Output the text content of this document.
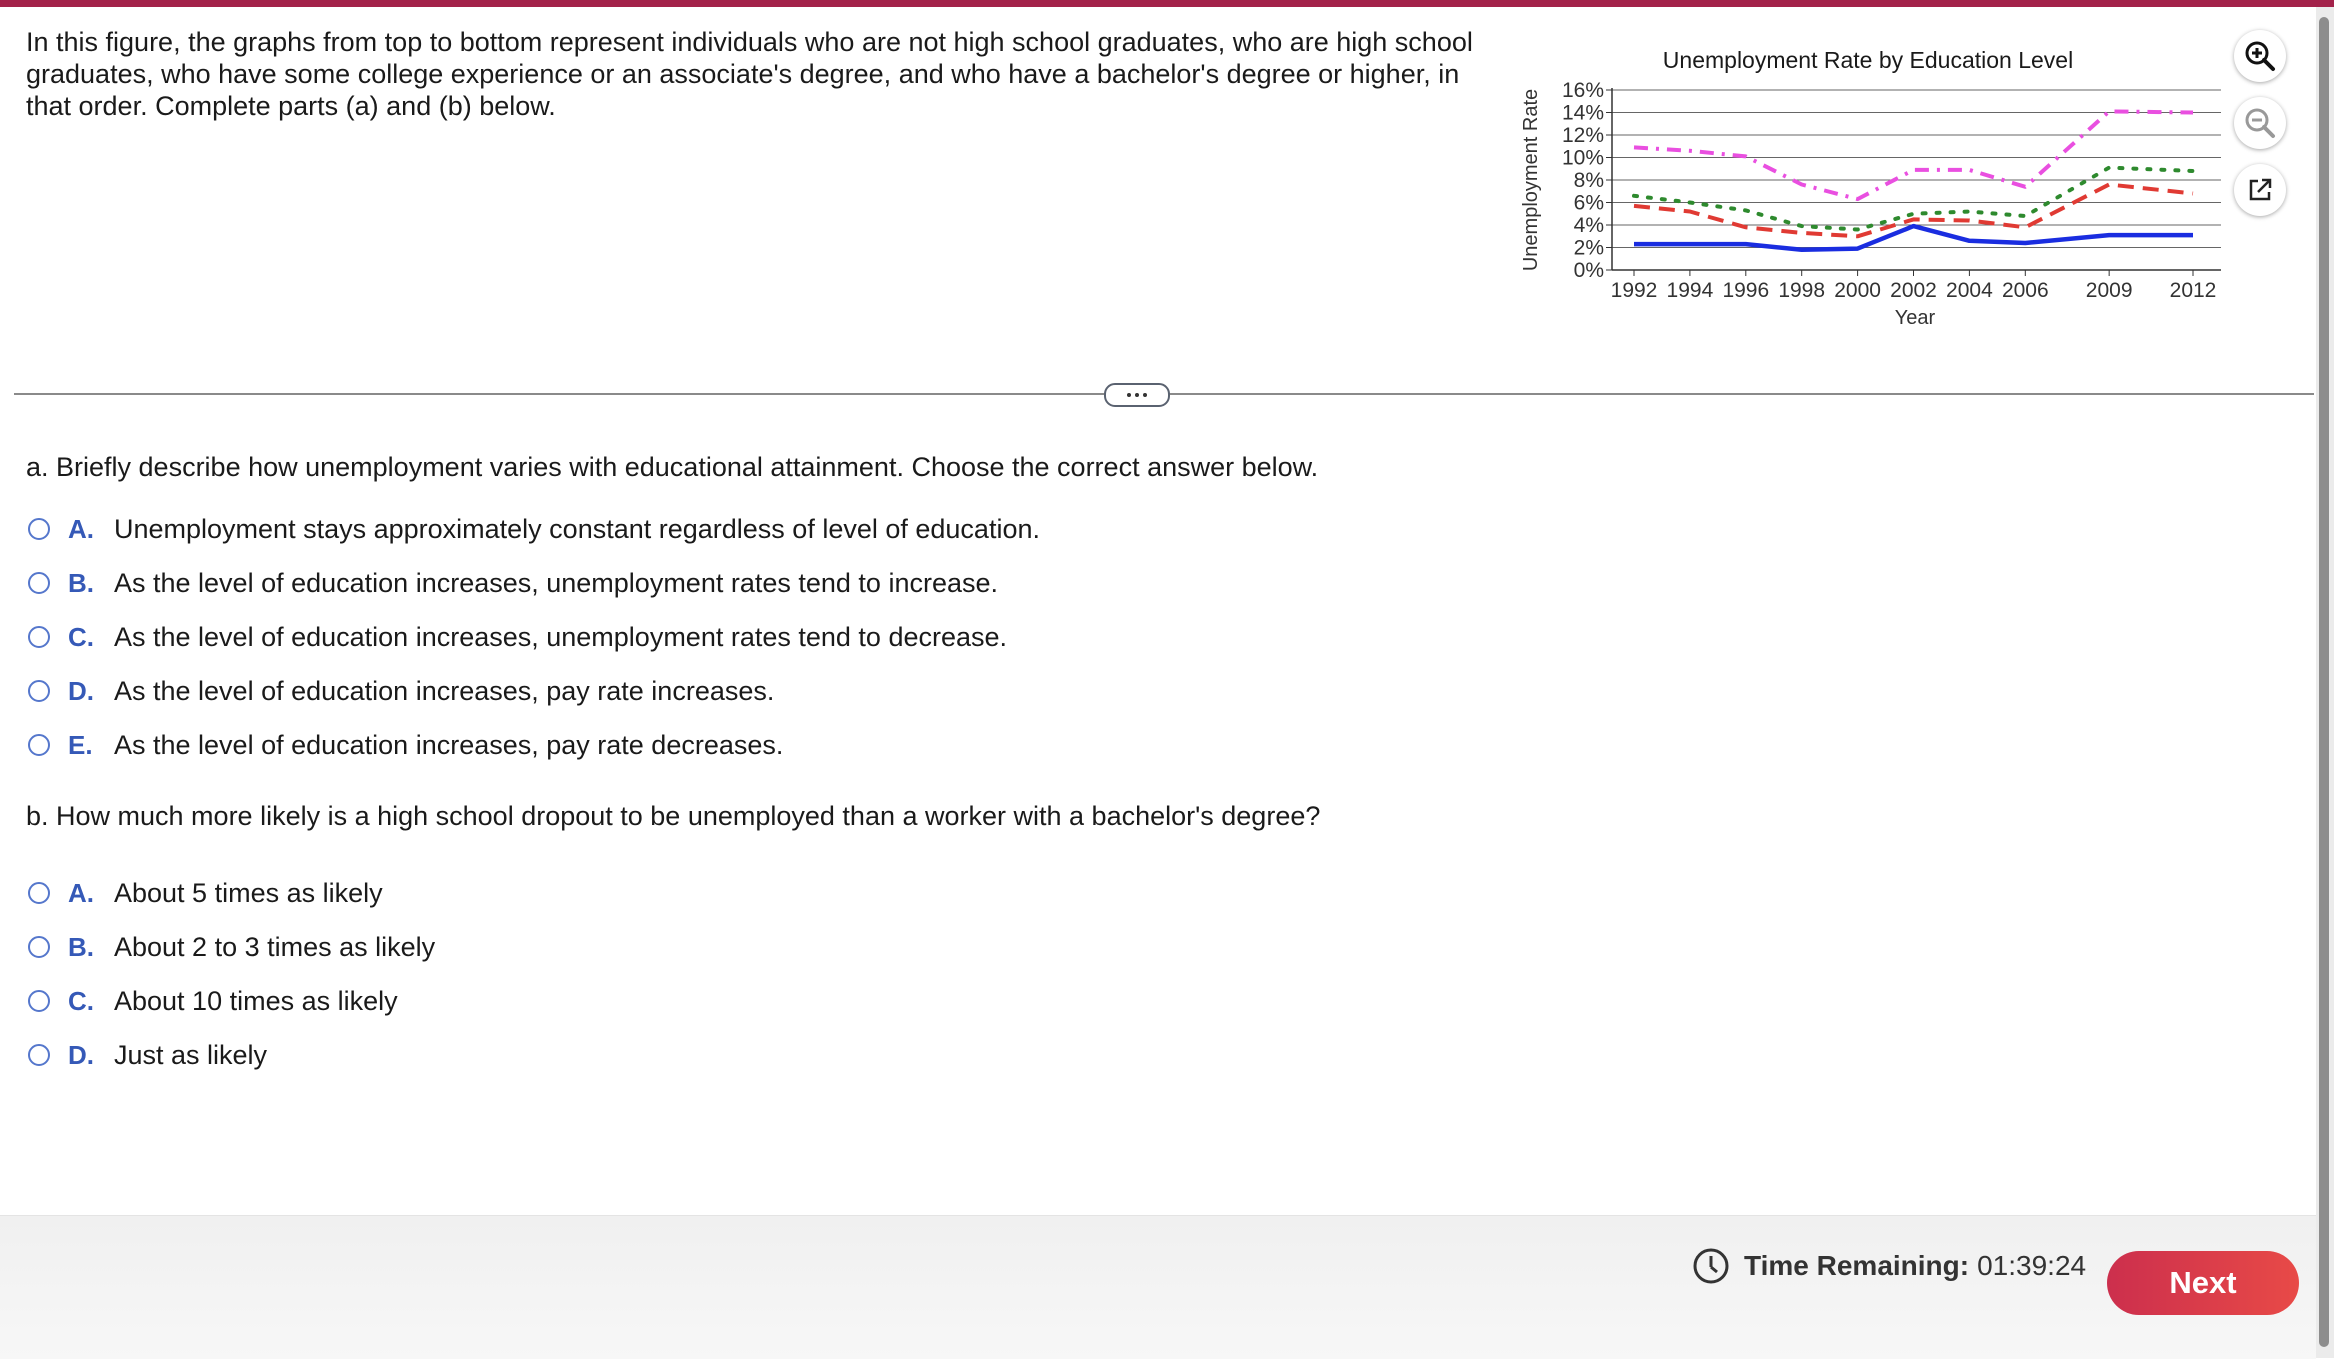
In this figure, the graphs from top to bottom represent individuals who are not high school graduates, who are high school graduates, who have some college experience or an associate's degree, and who have a bachelor's degree or higher, in that order. Complete parts (a) and (b) below.
Unemployment Rate by Education Level
0%
2%
4%
6%
8%
10%
12%
14%
16%
1992 1994 1996 1998 2000 2002 2004 2006 2009 2012
Year
Unemployment Rate
a. Briefly describe how unemployment varies with educational attainment. Choose the correct answer below.
A. Unemployment stays approximately constant regardless of level of education.
B. As the level of education increases, unemployment rates tend to increase.
C. As the level of education increases, unemployment rates tend to decrease.
D. As the level of education increases, pay rate increases.
E. As the level of education increases, pay rate decreases.
b. How much more likely is a high school dropout to be unemployed than a worker with a bachelor's degree?
A. About 5 times as likely
B. About 2 to 3 times as likely
C. About 10 times as likely
D. Just as likely
Time Remaining: 01:39:24	Next
